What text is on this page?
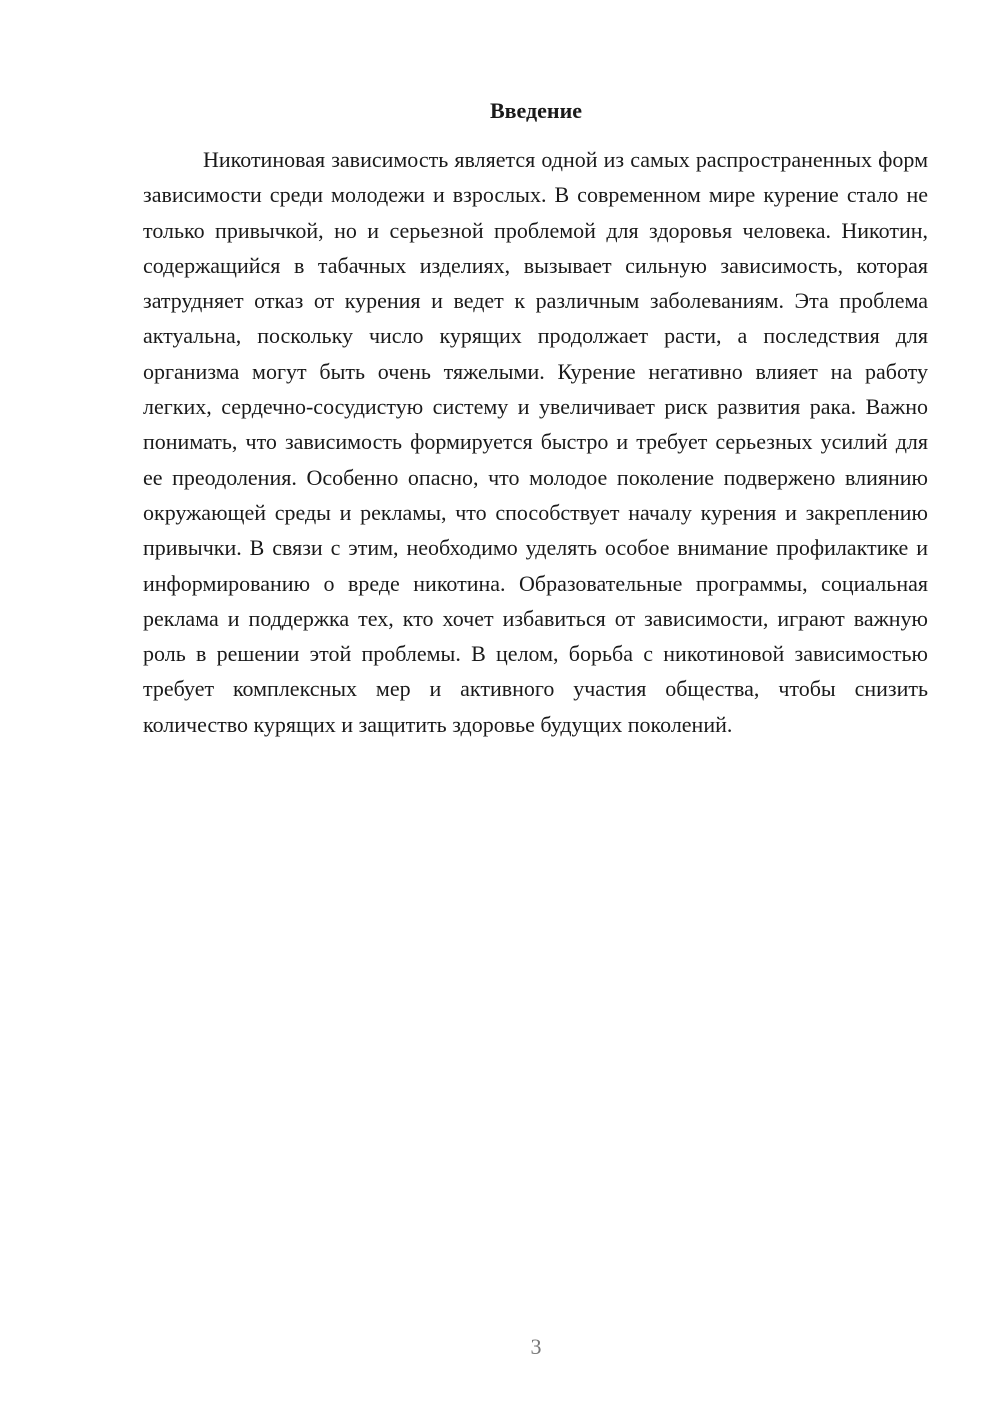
Введение

Никотиновая зависимость является одной из самых распространенных форм зависимости среди молодежи и взрослых. В современном мире курение стало не только привычкой, но и серьезной проблемой для здоровья человека. Никотин, содержащийся в табачных изделиях, вызывает сильную зависимость, которая затрудняет отказ от курения и ведет к различным заболеваниям. Эта проблема актуальна, поскольку число курящих продолжает расти, а последствия для организма могут быть очень тяжелыми. Курение негативно влияет на работу легких, сердечно-сосудистую систему и увеличивает риск развития рака. Важно понимать, что зависимость формируется быстро и требует серьезных усилий для ее преодоления. Особенно опасно, что молодое поколение подвержено влиянию окружающей среды и рекламы, что способствует началу курения и закреплению привычки. В связи с этим, необходимо уделять особое внимание профилактике и информированию о вреде никотина. Образовательные программы, социальная реклама и поддержка тех, кто хочет избавиться от зависимости, играют важную роль в решении этой проблемы. В целом, борьба с никотиновой зависимостью требует комплексных мер и активного участия общества, чтобы снизить количество курящих и защитить здоровье будущих поколений.

3
